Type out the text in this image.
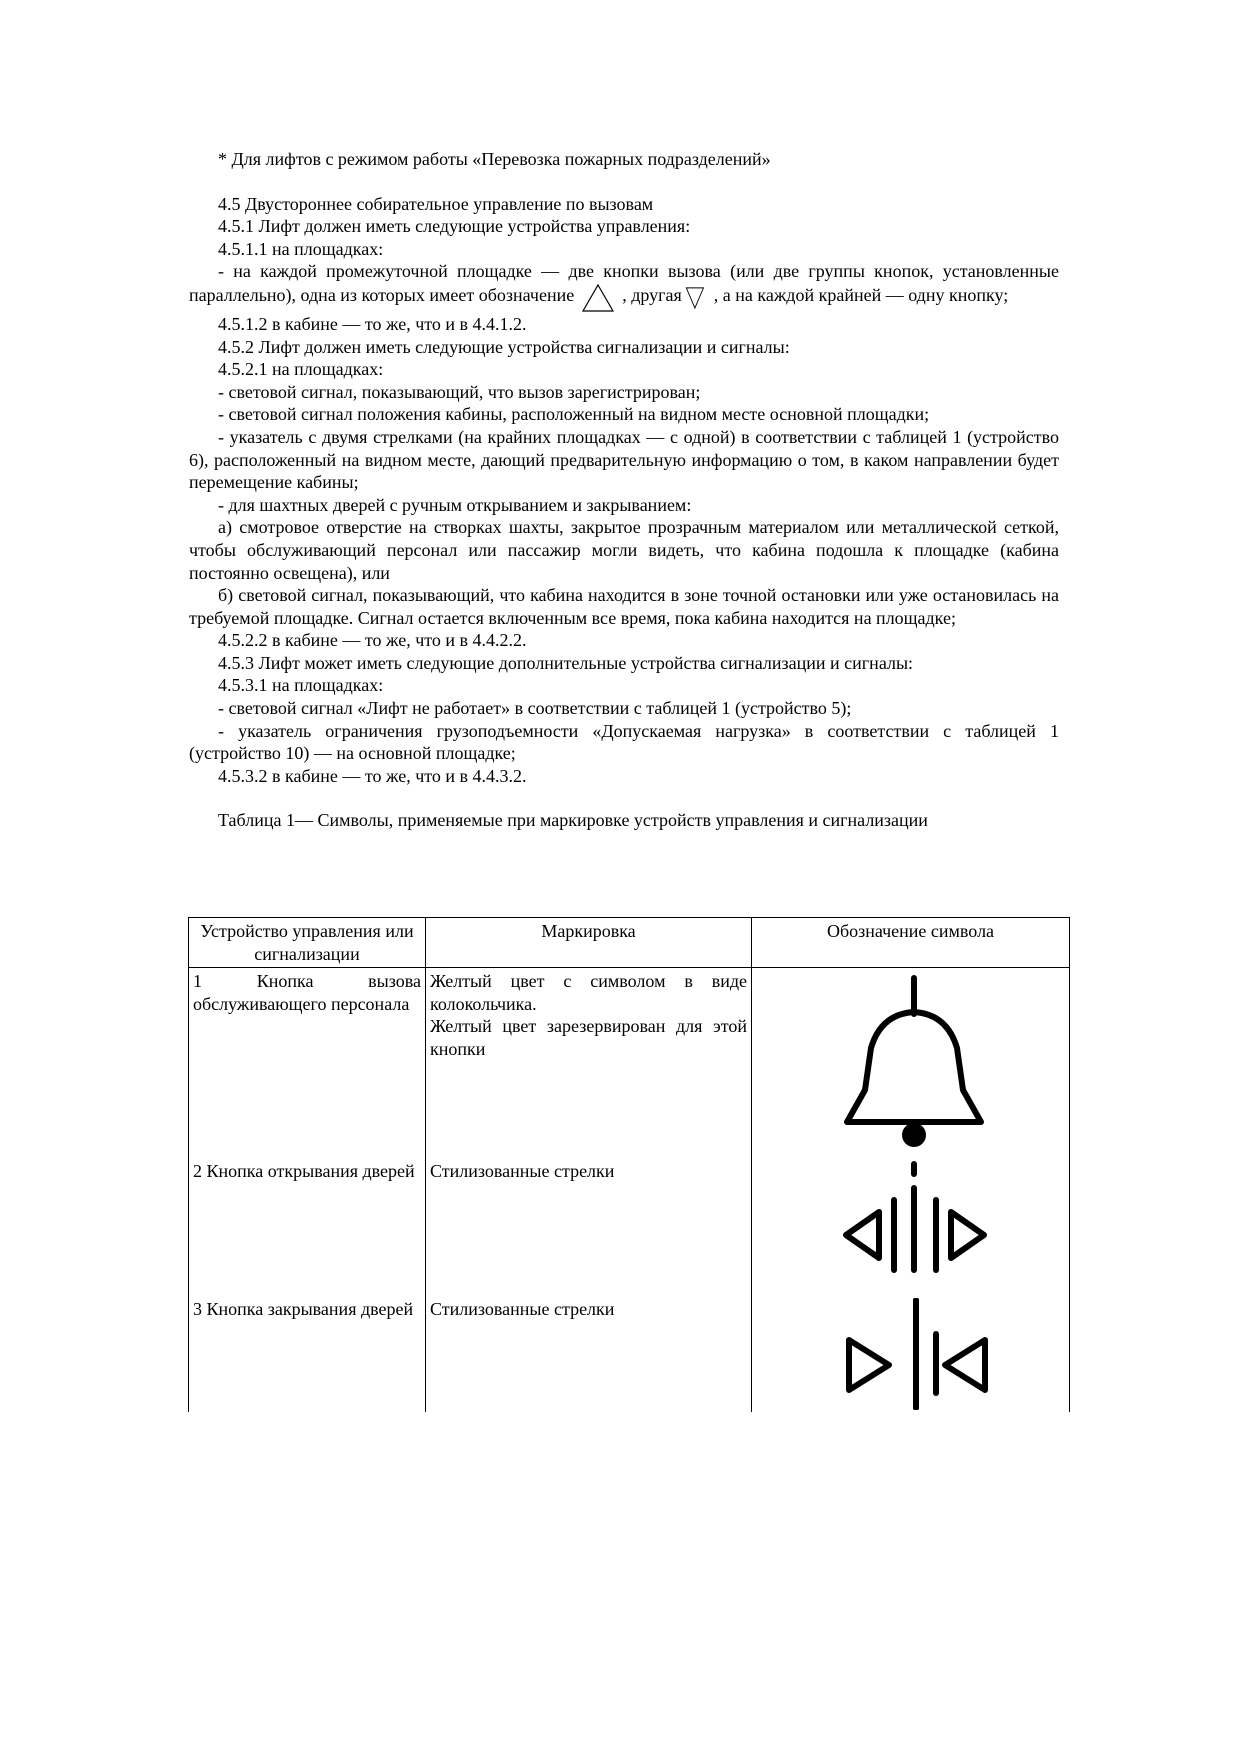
* Для лифтов с режимом работы «Перевозка пожарных подразделений»

4.5 Двустороннее собирательное управление по вызовам

4.5.1 Лифт должен иметь следующие устройства управления:

4.5.1.1 на площадках:

- на каждой промежуточной площадке — две кнопки вызова (или две группы кнопок, установленные параллельно), одна из которых имеет обозначение	, другая , а на каждой крайней — одну кнопку;

4.5.1.2 в кабине — то же, что и в 4.4.1.2.

4.5.2 Лифт должен иметь следующие устройства сигнализации и сигналы:

4.5.2.1 на площадках:

- световой сигнал, показывающий, что вызов зарегистрирован;

- световой сигнал положения кабины, расположенный на видном месте основной площадки;

- указатель с двумя стрелками (на крайних площадках — с одной) в соответствии с таблицей 1 (устройство 6), расположенный на видном месте, дающий предварительную информацию о том, в каком направлении будет перемещение кабины;

- для шахтных дверей с ручным открыванием и закрыванием:

а) смотровое отверстие на створках шахты, закрытое прозрачным материалом или металлической сеткой, чтобы обслуживающий персонал или пассажир могли видеть, что кабина подошла к площадке (кабина постоянно освещена), или

б) световой сигнал, показывающий, что кабина находится в зоне точной остановки или уже остановилась на требуемой площадке. Сигнал остается включенным все время, пока кабина находится на площадке;

4.5.2.2 в кабине — то же, что и в 4.4.2.2.

4.5.3 Лифт может иметь следующие дополнительные устройства сигнализации и сигналы:

4.5.3.1 на площадках:

- световой сигнал «Лифт не работает» в соответствии с таблицей 1 (устройство 5);

- указатель ограничения грузоподъемности «Допускаемая нагрузка» в соответствии с таблицей 1 (устройство 10) — на основной площадке;

4.5.3.2 в кабине — то же, что и в 4.4.3.2.

Таблица 1— Символы, применяемые при маркировке устройств управления и сигнализации

Устройство управления или сигнализации	Маркировка	Обозначение символа
1 Кнопка вызова обслуживающего персонала	Желтый цвет с символом в виде колокольчика.
Желтый цвет зарезервирован для этой кнопки

2 Кнопка открывания дверей	Стилизованные стрелки	

3 Кнопка закрывания дверей	Стилизованные стрелки	
